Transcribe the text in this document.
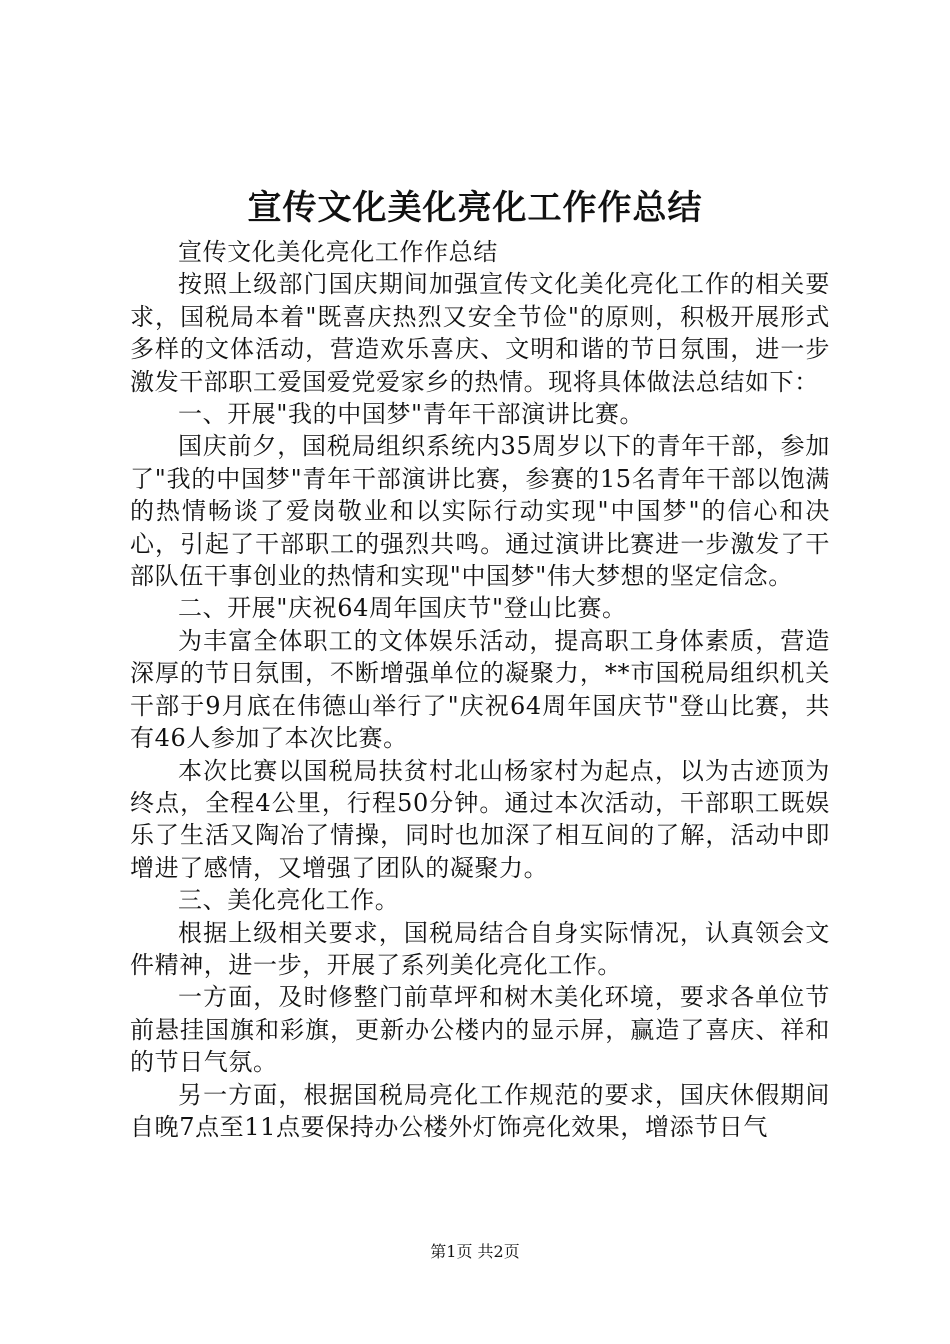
宣传文化美化亮化工作作总结

宣传文化美化亮化工作作总结

按照上级部门国庆期间加强宣传文化美化亮化工作的相关要求，国税局本着"既喜庆热烈又安全节俭"的原则，积极开展形式多样的文体活动，营造欢乐喜庆、文明和谐的节日氛围，进一步激发干部职工爱国爱党爱家乡的热情。现将具体做法总结如下：

一、开展"我的中国梦"青年干部演讲比赛。

国庆前夕，国税局组织系统内35周岁以下的青年干部，参加了"我的中国梦"青年干部演讲比赛，参赛的15名青年干部以饱满的热情畅谈了爱岗敬业和以实际行动实现"中国梦"的信心和决心，引起了干部职工的强烈共鸣。通过演讲比赛进一步激发了干部队伍干事创业的热情和实现"中国梦"伟大梦想的坚定信念。

二、开展"庆祝64周年国庆节"登山比赛。

为丰富全体职工的文体娱乐活动，提高职工身体素质，营造深厚的节日氛围，不断增强单位的凝聚力，**市国税局组织机关干部于9月底在伟德山举行了"庆祝64周年国庆节"登山比赛，共有46人参加了本次比赛。

本次比赛以国税局扶贫村北山杨家村为起点，以为古迹顶为终点，全程4公里，行程50分钟。通过本次活动，干部职工既娱乐了生活又陶冶了情操，同时也加深了相互间的了解，活动中即增进了感情，又增强了团队的凝聚力。

三、美化亮化工作。

根据上级相关要求，国税局结合自身实际情况，认真领会文件精神，进一步，开展了系列美化亮化工作。

一方面，及时修整门前草坪和树木美化环境，要求各单位节前悬挂国旗和彩旗，更新办公楼内的显示屏，赢造了喜庆、祥和的节日气氛。

另一方面，根据国税局亮化工作规范的要求，国庆休假期间自晚7点至11点要保持办公楼外灯饰亮化效果，增添节日气

第1页 共2页
